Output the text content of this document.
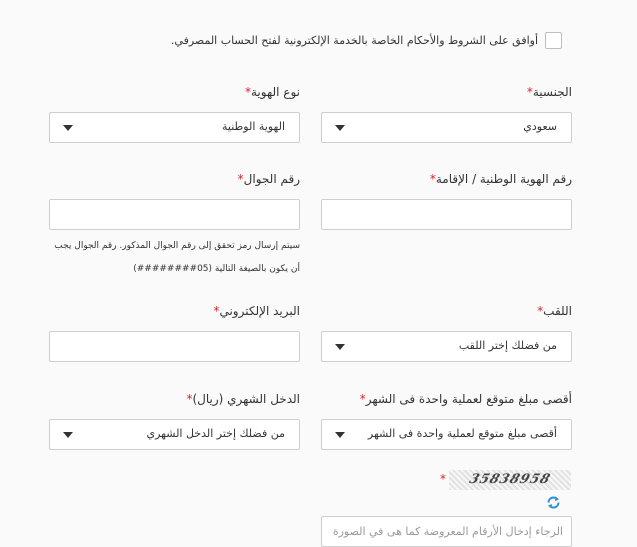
أوافق على الشروط والأحكام الخاصة بالخدمة الإلكترونية لفتح الحساب المصرفي.
الجنسية*
نوع الهوية*
سعودي
الهوية الوطنية
رقم الهوية الوطنية / الإقامة*
رقم الجوال*
سيتم إرسال رمز تحقق إلى رقم الجوال المذكور. رقم الجوال يجب
أن يكون بالصيغة التالية (05########)
اللقب*
البريد الإلكتروني*
من فضلك إختر اللقب
أقصى مبلغ متوقع لعملية واحدة فى الشهر*
الدخل الشهري (ريال)*
أقصى مبلغ متوقع لعملية واحدة فى الشهر
من فضلك إختر الدخل الشهري
*	35838958
الرجاء إدخال الأرقام المعروضة كما هى في الصورة
